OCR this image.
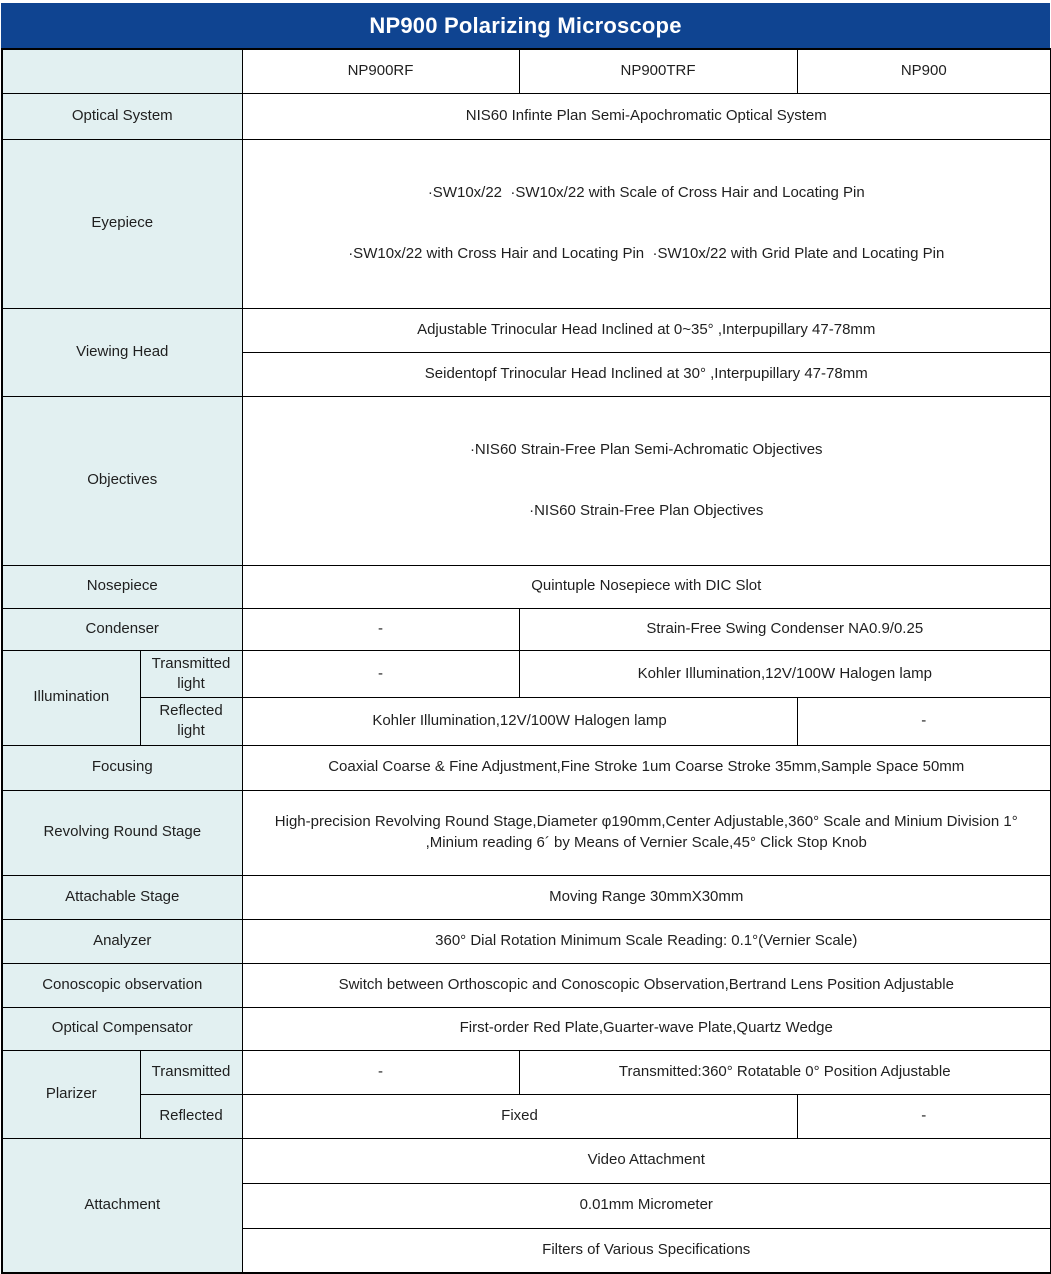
NP900 Polarizing Microscope
		NP900RF	NP900TRF	NP900
Optical System		NIS60 Infinte Plan Semi-Apochromatic Optical System		
Eyepiece		·SW10x/22  ·SW10x/22 with Scale of Cross Hair and Locating Pin

·SW10x/22 with Cross Hair and Locating Pin  ·SW10x/22 with Grid Plate and Locating Pin		

Viewing Head		Adjustable Trinocular Head Inclined at 0~35° ,Interpupillary 47-78mm		
		Seidentopf Trinocular Head Inclined at 30° ,Interpupillary 47-78mm		
Objectives		·NIS60 Strain-Free Plan Semi-Achromatic Objectives

·NIS60 Strain-Free Plan Objectives		

Nosepiece		Quintuple Nosepiece with DIC Slot		
Condenser		-	Strain-Free Swing Condenser NA0.9/0.25	
Illumination	Transmitted light	-	Kohler Illumination,12V/100W Halogen lamp	
	Reflected light	Kohler Illumination,12V/100W Halogen lamp		-
Focusing		Coaxial Coarse & Fine Adjustment,Fine Stroke 1um Coarse Stroke 35mm,Sample Space 50mm		
Revolving Round Stage		High-precision Revolving Round Stage,Diameter φ190mm,Center Adjustable,360° Scale and Minium Division 1° ,Minium reading 6´ by Means of Vernier Scale,45° Click Stop Knob		
Attachable Stage		Moving Range 30mmX30mm		
Analyzer		360° Dial Rotation Minimum Scale Reading: 0.1°(Vernier Scale)		
Conoscopic observation		Switch between Orthoscopic and Conoscopic Observation,Bertrand Lens Position Adjustable		
Optical Compensator		First-order Red Plate,Guarter-wave Plate,Quartz Wedge		
Plarizer	Transmitted	-	Transmitted:360° Rotatable 0° Position Adjustable	
	Reflected	Fixed		-
Attachment		Video Attachment		
		0.01mm Micrometer		
		Filters of Various Specifications		
